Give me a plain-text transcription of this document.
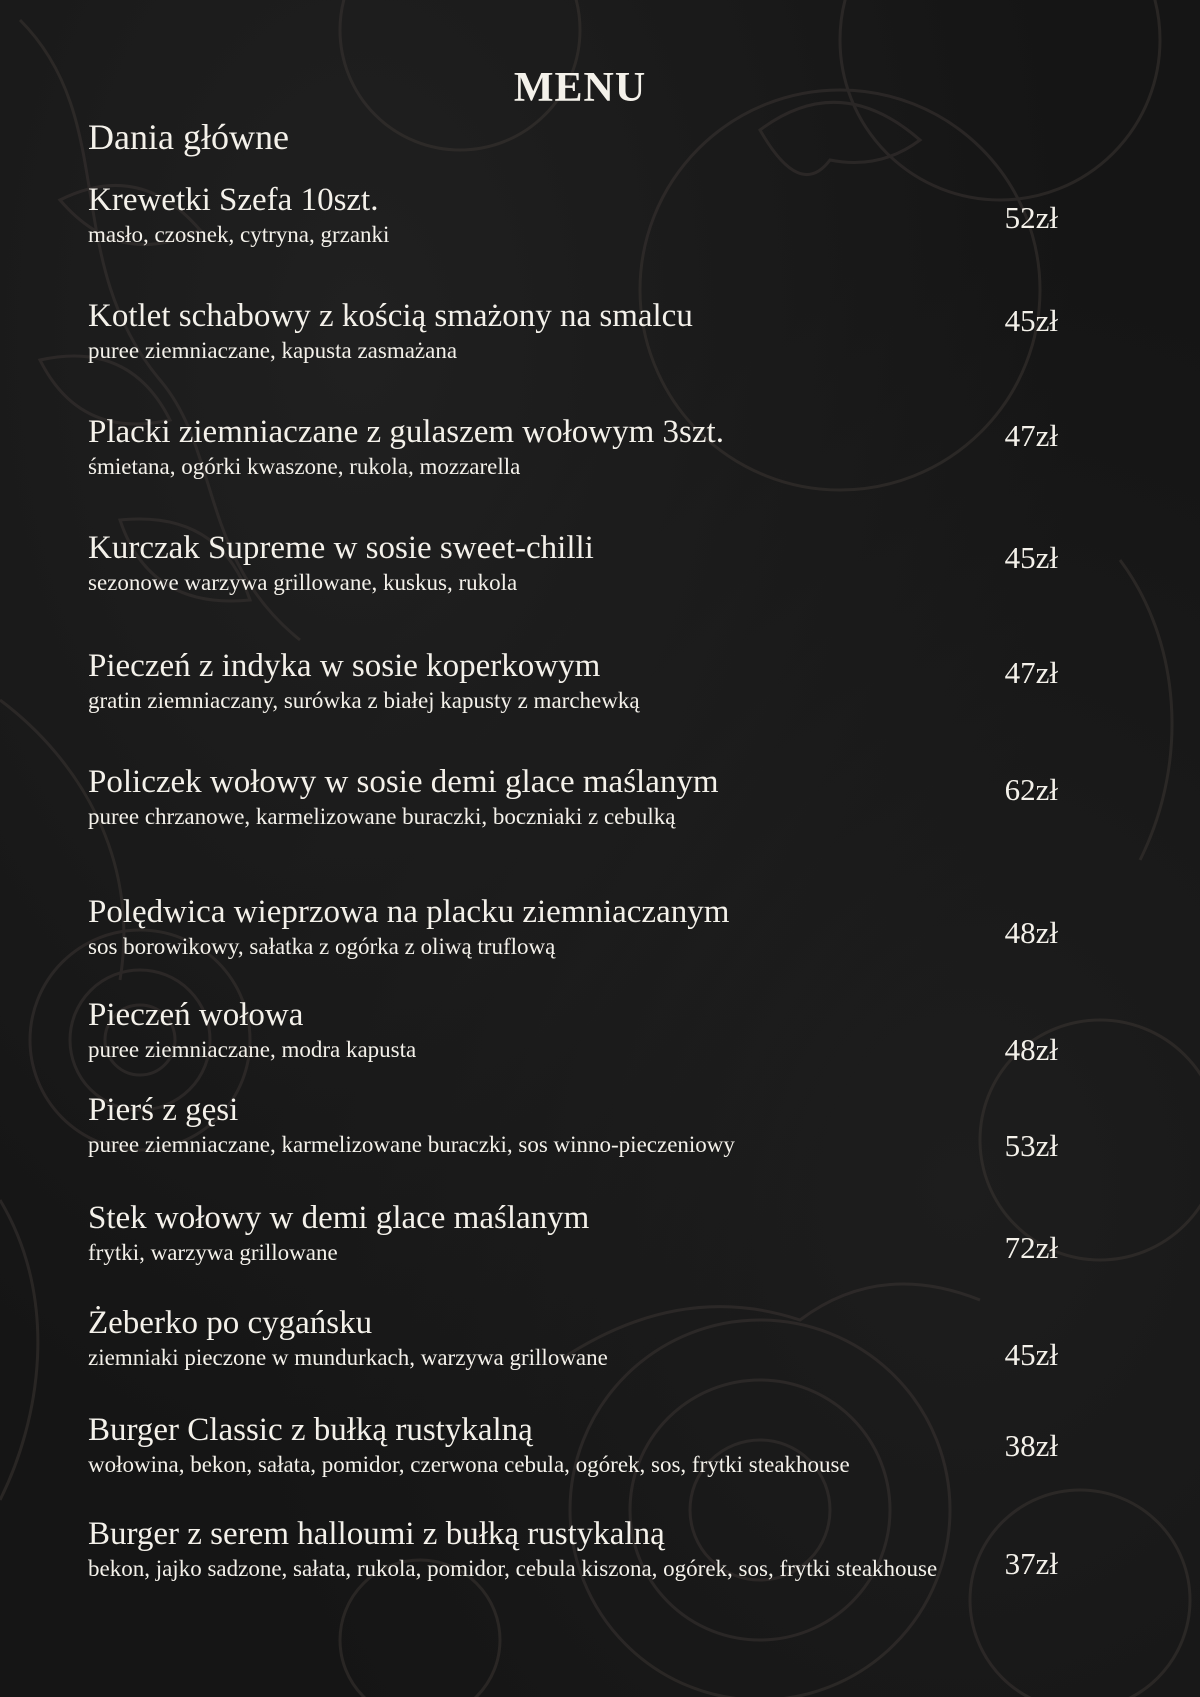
MENU
Dania główne
Krewetki Szefa 10szt.
masło, czosnek, cytryna, grzanki	52zł
Kotlet schabowy z kością smażony na smalcu
puree ziemniaczane, kapusta zasmażana
45zł
Placki ziemniaczane z gulaszem wołowym 3szt.
śmietana, ogórki kwaszone, rukola, mozzarella
47zł
Kurczak Supreme w sosie sweet-chilli
sezonowe warzywa grillowane, kuskus, rukola
45zł
Pieczeń z indyka w sosie koperkowym
gratin ziemniaczany, surówka z białej kapusty z marchewką
47zł
Policzek wołowy w sosie demi glace maślanym
puree chrzanowe, karmelizowane buraczki, boczniaki z cebulką
62zł
Polędwica wieprzowa na placku ziemniaczanym
sos borowikowy, sałatka z ogórka z oliwą truflową	48zł
Pieczeń wołowa
puree ziemniaczane, modra kapusta	48zł
Pierś z gęsi
puree ziemniaczane, karmelizowane buraczki, sos winno-pieczeniowy	53zł
Stek wołowy w demi glace maślanym
frytki, warzywa grillowane	72zł
Żeberko po cygańsku
ziemniaki pieczone w mundurkach, warzywa grillowane	45zł
Burger Classic z bułką rustykalną
wołowina, bekon, sałata, pomidor, czerwona cebula, ogórek, sos, frytki steakhouse
38zł
Burger z serem halloumi z bułką rustykalną
bekon, jajko sadzone, sałata, rukola, pomidor, cebula kiszona, ogórek, sos, frytki steakhouse	37zł
